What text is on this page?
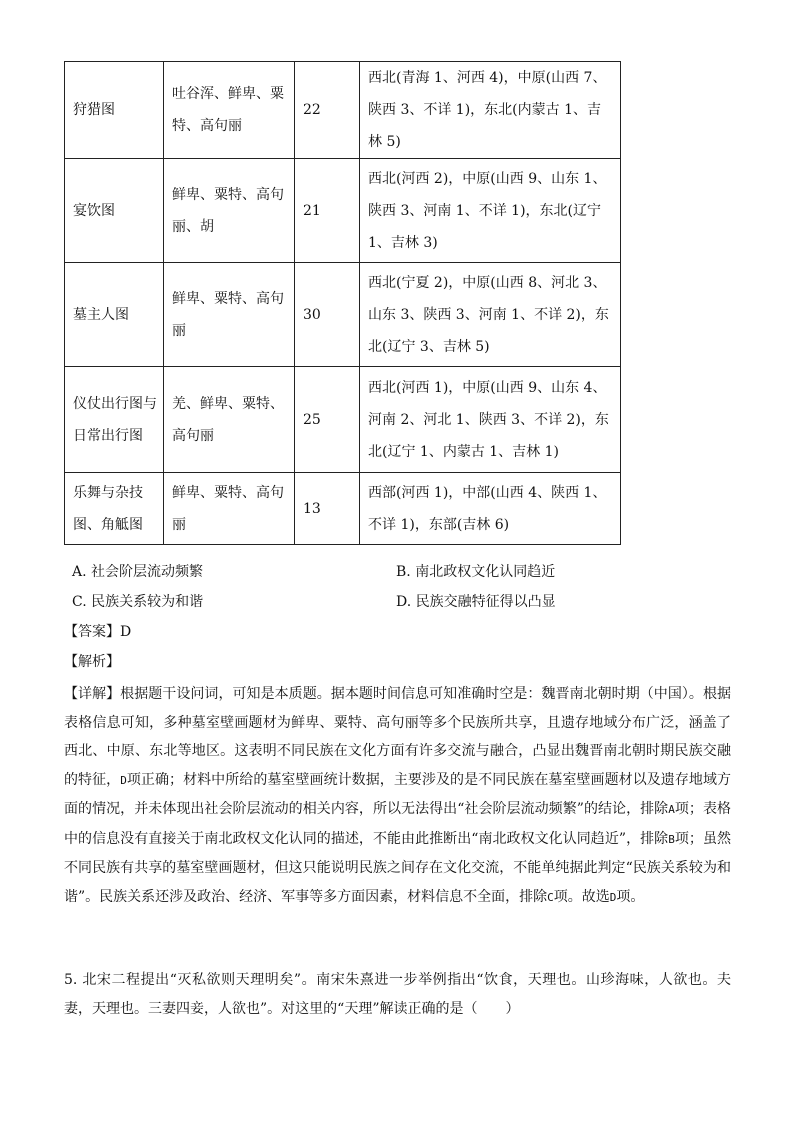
狩猎图	吐谷浑、鲜卑、粟特、高句丽	22	西北(青海 1、河西 4)，中原(山西 7、陕西 3、不详 1)，东北(内蒙古 1、吉林 5)
宴饮图	鲜卑、粟特、高句丽、胡	21	西北(河西 2)，中原(山西 9、山东 1、陕西 3、河南 1、不详 1)，东北(辽宁 1、吉林 3)
墓主人图	鲜卑、粟特、高句丽	30	西北(宁夏 2)，中原(山西 8、河北 3、山东 3、陕西 3、河南 1、不详 2)，东北(辽宁 3、吉林 5)
仪仗出行图与日常出行图	羌、鲜卑、粟特、高句丽	25	西北(河西 1)，中原(山西 9、山东 4、河南 2、河北 1、陕西 3、不详 2)，东北(辽宁 1、内蒙古 1、吉林 1)
乐舞与杂技图、角觝图	鲜卑、粟特、高句丽	13	西部(河西 1)，中部(山西 4、陕西 1、不详 1)，东部(吉林 6)
A. 社会阶层流动频繁	B. 南北政权文化认同趋近
C. 民族关系较为和谐	D. 民族交融特征得以凸显
【答案】D
【解析】

【详解】根据题干设问词，可知是本质题。据本题时间信息可知准确时空是：魏晋南北朝时期（中国）。根据表格信息可知，多种墓室壁画题材为鲜卑、粟特、高句丽等多个民族所共享，且遗存地域分布广泛，涵盖了西北、中原、东北等地区。这表明不同民族在文化方面有许多交流与融合，凸显出魏晋南北朝时期民族交融的特征，D项正确；材料中所给的墓室壁画统计数据，主要涉及的是不同民族在墓室壁画题材以及遗存地域方面的情况，并未体现出社会阶层流动的相关内容，所以无法得出“社会阶层流动频繁”的结论，排除A项；表格中的信息没有直接关于南北政权文化认同的描述，不能由此推断出“南北政权文化认同趋近”，排除B项；虽然不同民族有共享的墓室壁画题材，但这只能说明民族之间存在文化交流，不能单纯据此判定“民族关系较为和谐”。民族关系还涉及政治、经济、军事等多方面因素，材料信息不全面，排除C项。故选D项。

5. 北宋二程提出“灭私欲则天理明矣”。南宋朱熹进一步举例指出“饮食，天理也。山珍海味，人欲也。夫妻，天理也。三妻四妾，人欲也”。对这里的“天理”解读正确的是（　　）
